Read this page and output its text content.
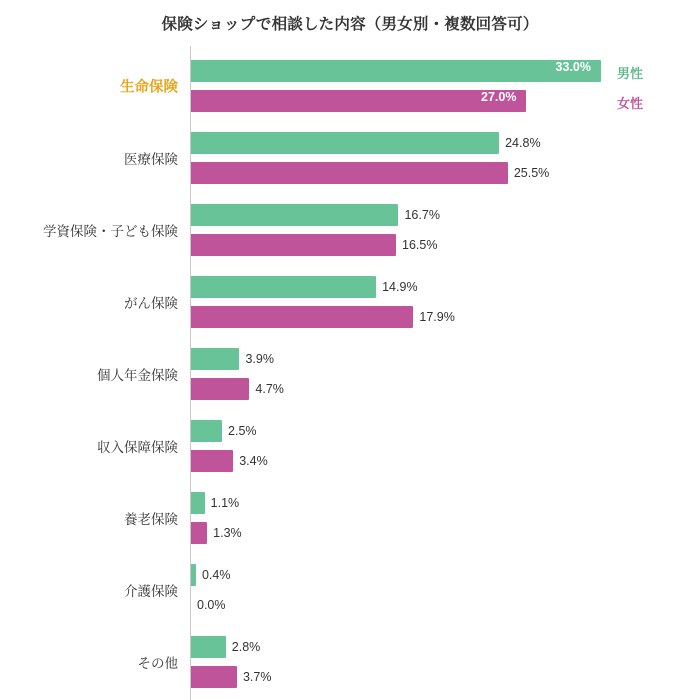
保険ショップで相談した内容（男女別・複数回答可）
生命保険
33.0%
27.0%
医療保険
24.8%
25.5%
学資保険・子ども保険
16.7%
16.5%
がん保険
14.9%
17.9%
個人年金保険
3.9%
4.7%
収入保障保険
2.5%
3.4%
養老保険
1.1%
1.3%
介護保険
0.4%
0.0%
その他
2.8%
3.7%
男性
女性
